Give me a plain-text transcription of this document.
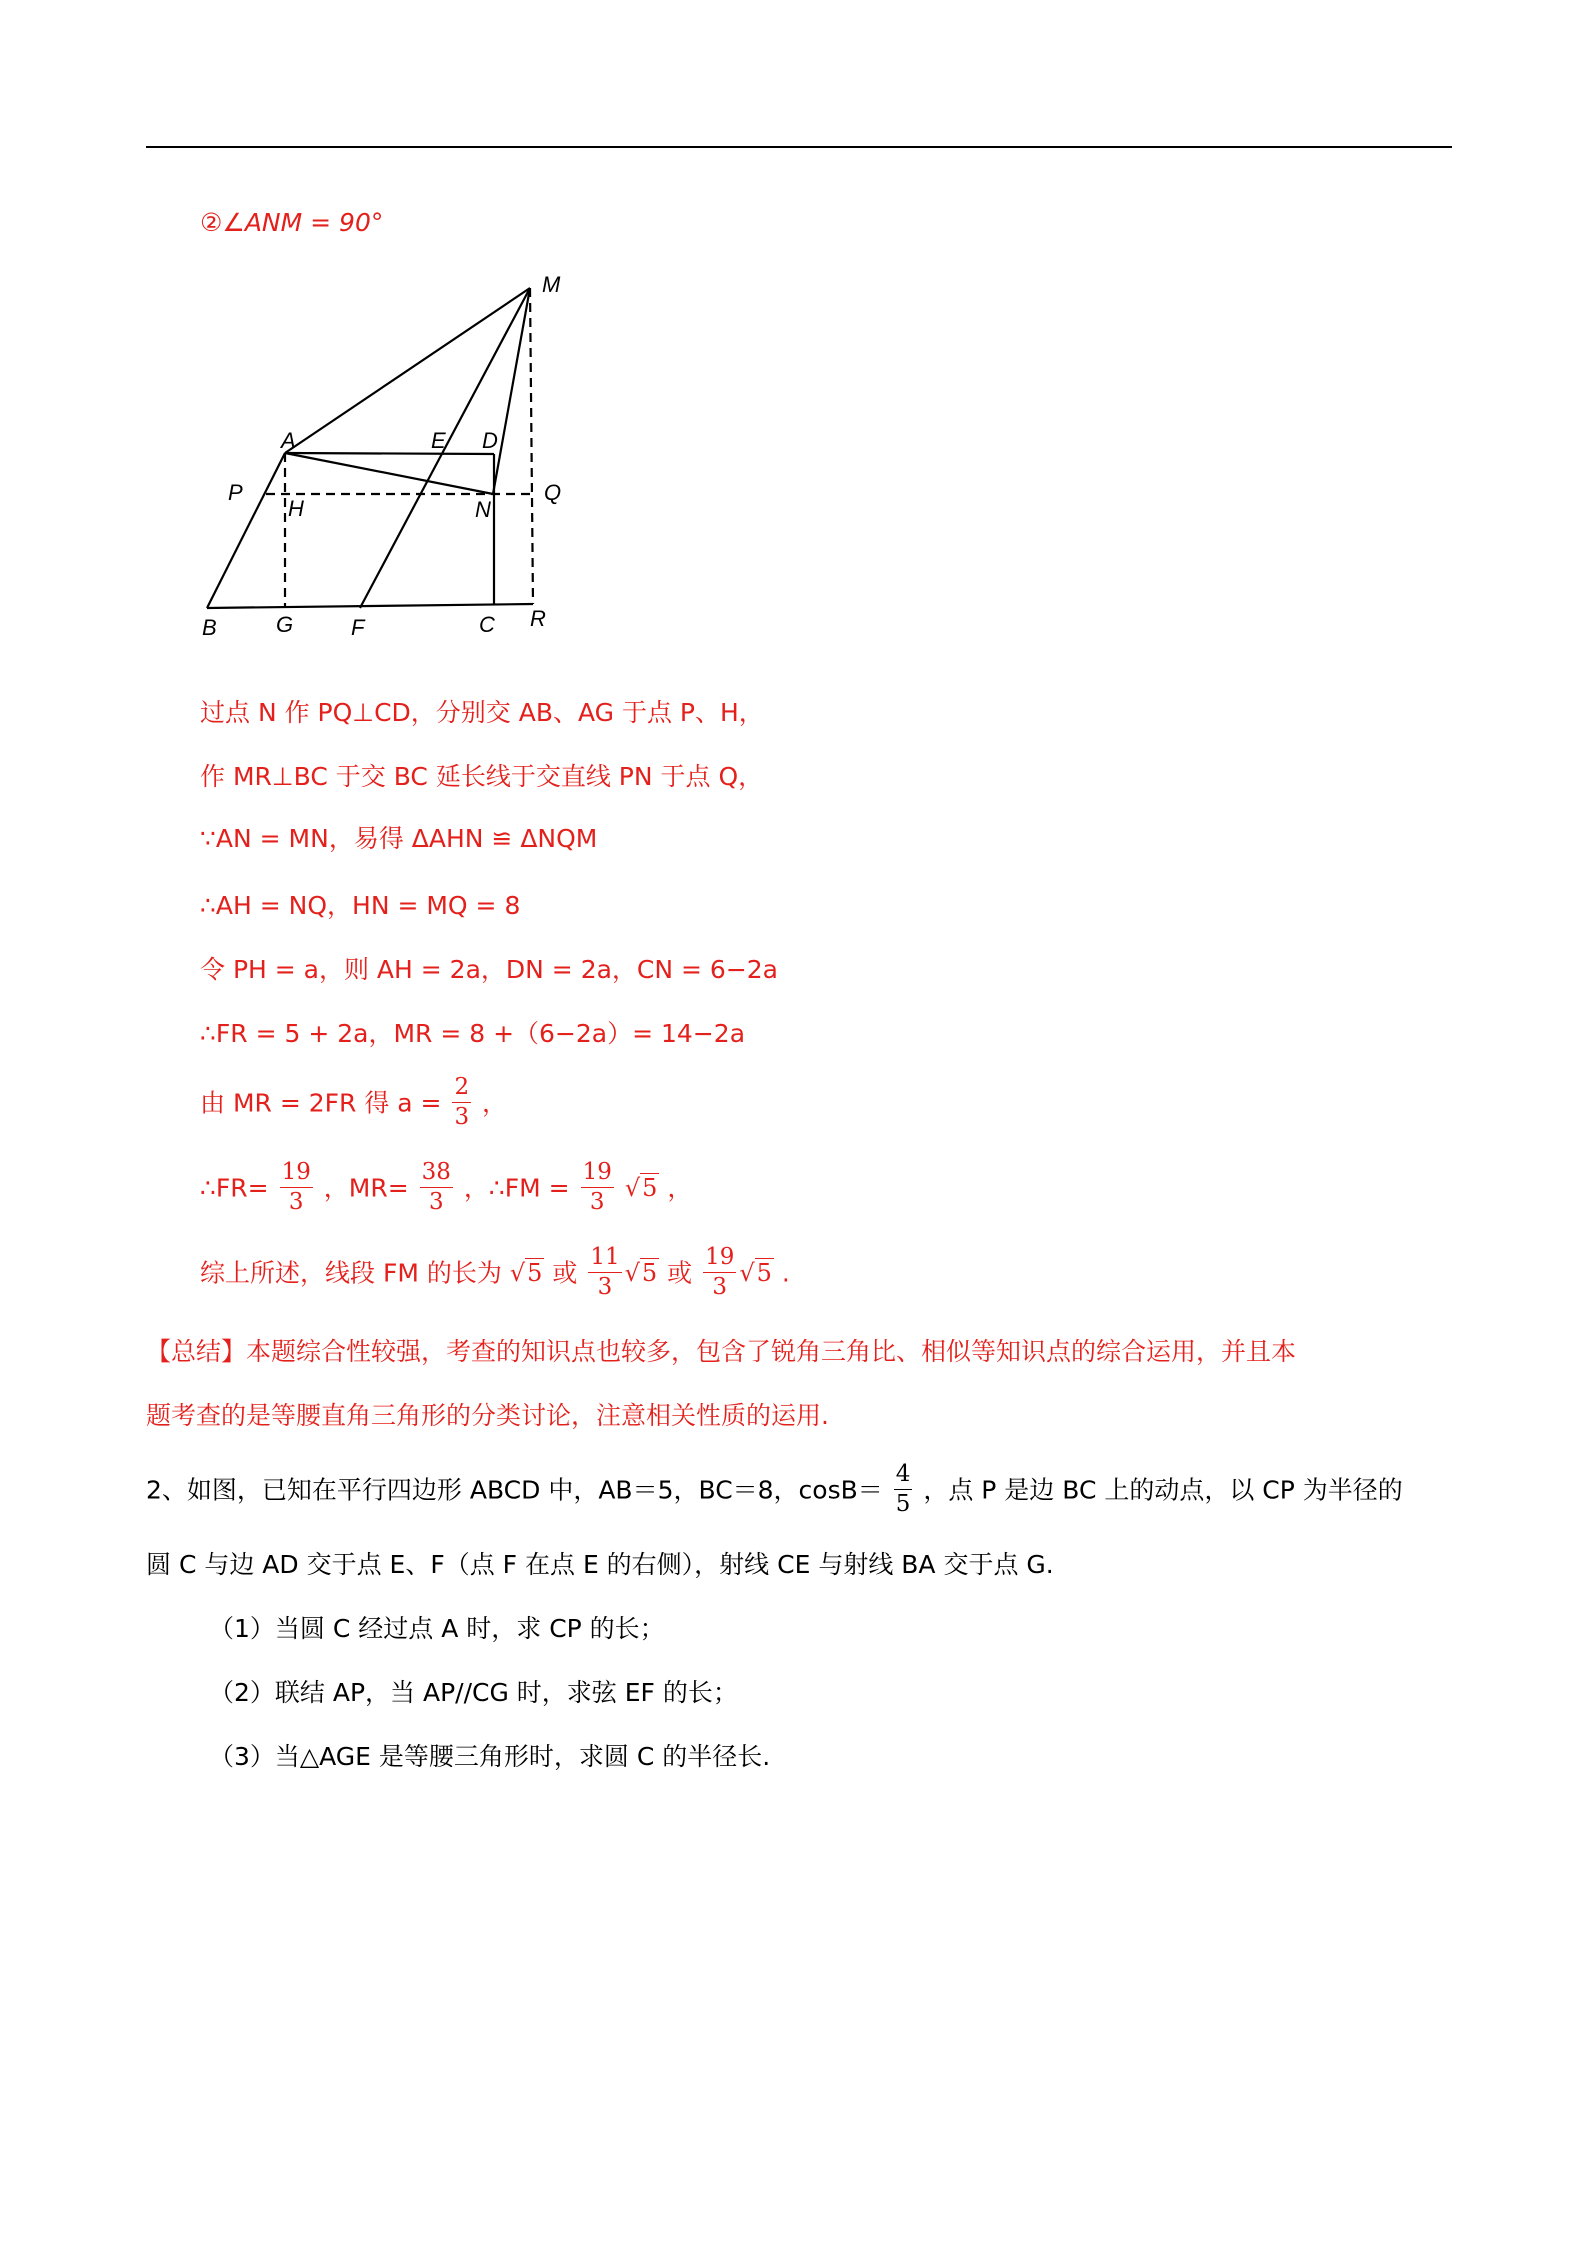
②∠ANM = 90°
M
A	E D
P
H	N
Q
B	G	F	C R
过点 N 作 PQ⊥CD，分别交 AB、AG 于点 P、H，
作 MR⊥BC 于交 BC 延长线于交直线 PN 于点 Q，
∵AN = MN，易得 ΔAHN ≌ ΔNQM
∴AH = NQ，HN = MQ = 8
令 PH = a，则 AH = 2a，DN = 2a，CN = 6−2a
∴FR = 5 + 2a，MR = 8 +（6−2a）= 14−2a
由 MR = 2FR 得 $a = \frac{2}{3}$ ，
∴FR= $\frac{19}{3}$ ，$MR= \frac{38}{3}$ ，∴FM = $\frac{19}{3} √5$ ，
综上所述，线段 FM 的长为 √5 或 $\frac{11}{3} √5$ 或 $\frac{19}{3} √5$ .
【总结】本题综合性较强，考查的知识点也较多，包含了锐角三角比、相似等知识点的综合运用，并且本
题考查的是等腰直角三角形的分类讨论，注意相关性质的运用.
2、如图，已知在平行四边形 ABCD 中，AB＝5，BC＝8，$\cos B= \frac{4}{5}$ ，点 P 是边 BC 上的动点，以 CP 为半径的
圆 C 与边 AD 交于点 E、F（点 F 在点 E 的右侧），射线 CE 与射线 BA 交于点 G.
（1）当圆 C 经过点 A 时，求 CP 的长；
（2）联结 AP，当 AP//CG 时，求弦 EF 的长；
（3）当△AGE 是等腰三角形时，求圆 C 的半径长.
